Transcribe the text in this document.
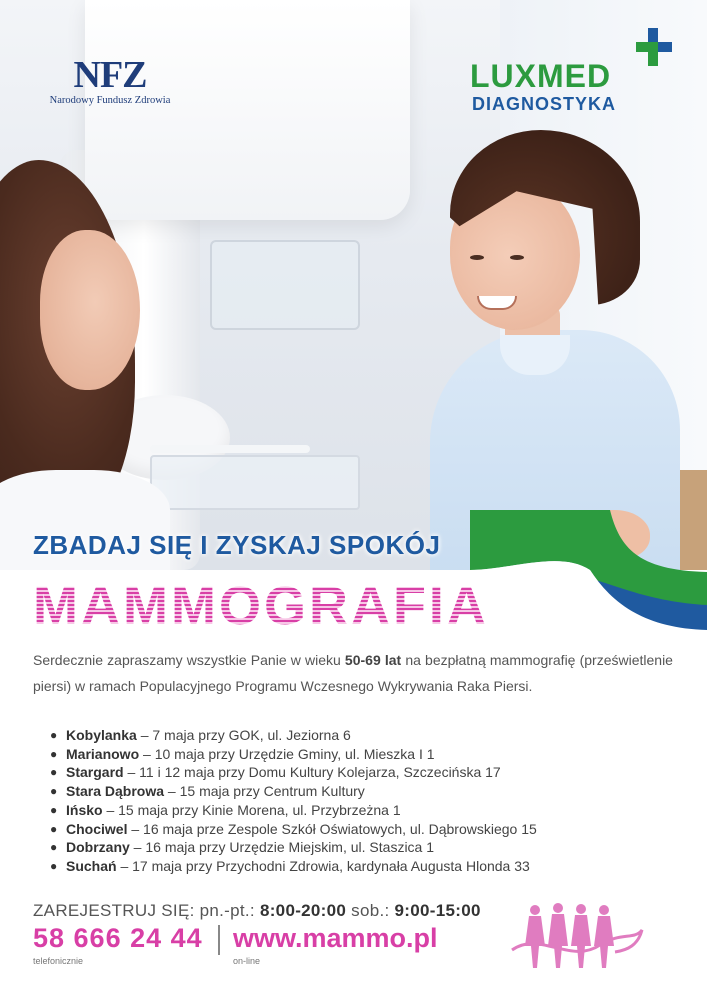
NFZ
Narodowy Fundusz Zdrowia
LUXMED
DIAGNOSTYKA
ZBADAJ SIĘ I ZYSKAJ SPOKÓJ
MAMMOGRAFIA

Serdecznie zapraszamy wszystkie Panie w wieku 50-69 lat na bezpłatną mammografię (prześwietlenie piersi) w ramach Populacyjnego Programu Wczesnego Wykrywania Raka Piersi.

● Kobylanka – 7 maja przy GOK, ul. Jeziorna 6
● Marianowo – 10 maja przy Urzędzie Gminy, ul. Mieszka I 1
● Stargard – 11 i 12 maja przy Domu Kultury Kolejarza, Szczecińska 17
● Stara Dąbrowa – 15 maja przy Centrum Kultury
● Ińsko – 15 maja przy Kinie Morena, ul. Przybrzeżna 1
● Chociwel – 16 maja prze Zespole Szkół Oświatowych, ul. Dąbrowskiego 15
● Dobrzany – 16 maja przy Urzędzie Miejskim, ul. Staszica 1
● Suchań – 17 maja przy Przychodni Zdrowia, kardynała Augusta Hlonda 33
ZAREJESTRUJ SIĘ: pn.-pt.: 8:00-20:00 sob.: 9:00-15:00
58 666 24 44 www.mammo.pl
telefonicznie	on-line
